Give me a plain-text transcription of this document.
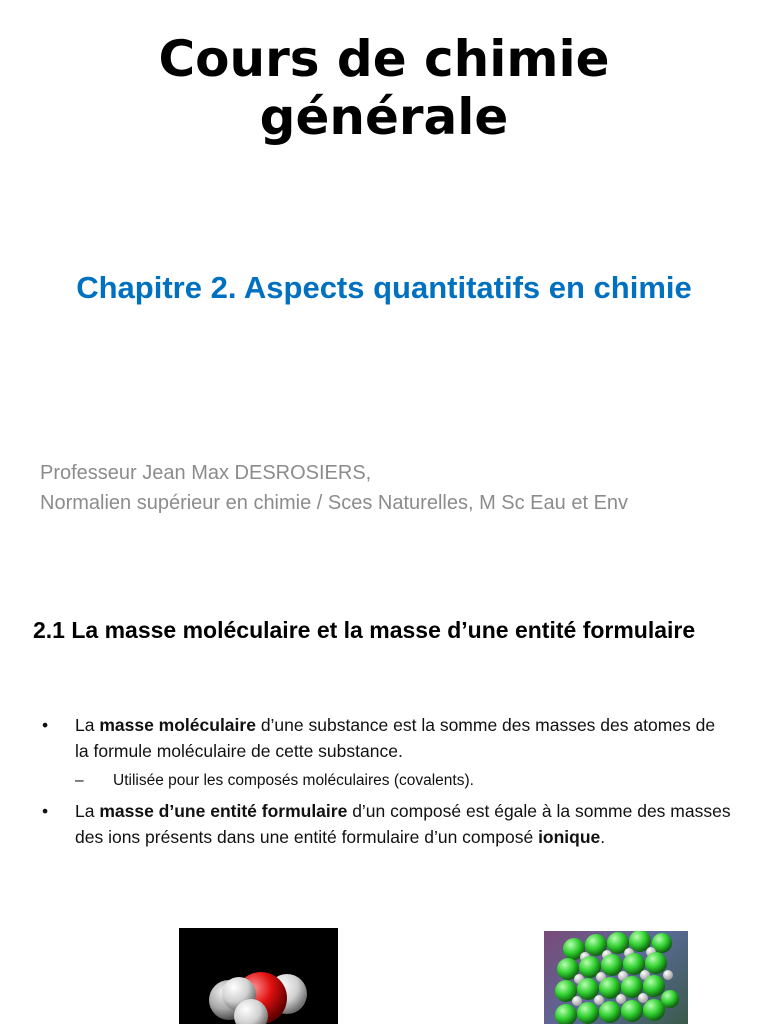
Cours de chimie
générale
Chapitre 2. Aspects quantitatifs en chimie
Professeur Jean Max DESROSIERS,
Normalien supérieur en chimie / Sces Naturelles, M Sc Eau et Env
2.1 La masse moléculaire et la masse d’une entité formulaire
• La masse moléculaire d’une substance est la somme des masses des atomes de la formule moléculaire de cette substance.
– Utilisée pour les composés moléculaires (covalents).
• La masse d’une entité formulaire d’un composé est égale à la somme des masses des ions présents dans une entité formulaire d’un composé ionique.
